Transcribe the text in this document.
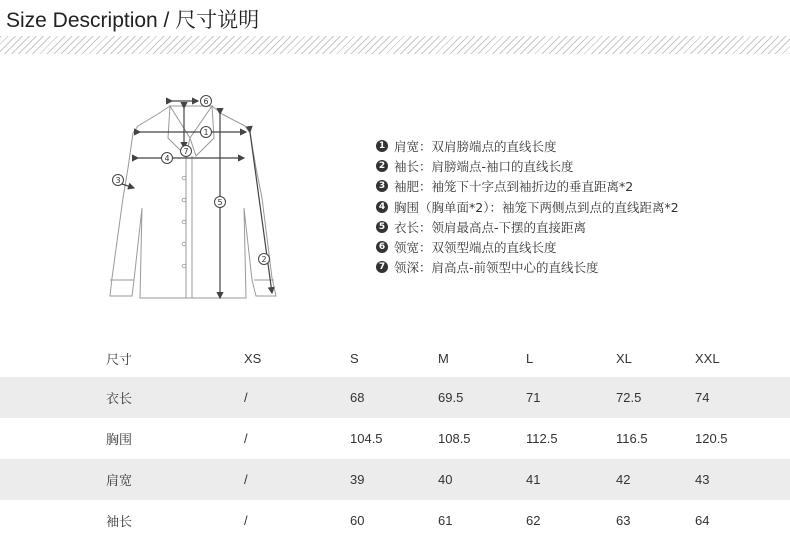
Size Description / 尺寸说明
6
1
7
4
3
5
2
1 肩宽：双肩膀端点的直线长度
2 袖长：肩膀端点-袖口的直线长度
3 袖肥：袖笼下十字点到袖折边的垂直距离*2
4 胸围（胸单面*2）：袖笼下两侧点到点的直线距离*2
5 衣长：领肩最高点-下摆的直接距离
6 领宽：双领型端点的直线长度
7 领深：肩高点-前领型中心的直线长度
尺寸	XS	S	M	L	XL	XXL
衣长	/	68	69.5	71	72.5	74
胸围	/	104.5	108.5	112.5	116.5	120.5
肩宽	/	39	40	41	42	43
袖长	/	60	61	62	63	64
